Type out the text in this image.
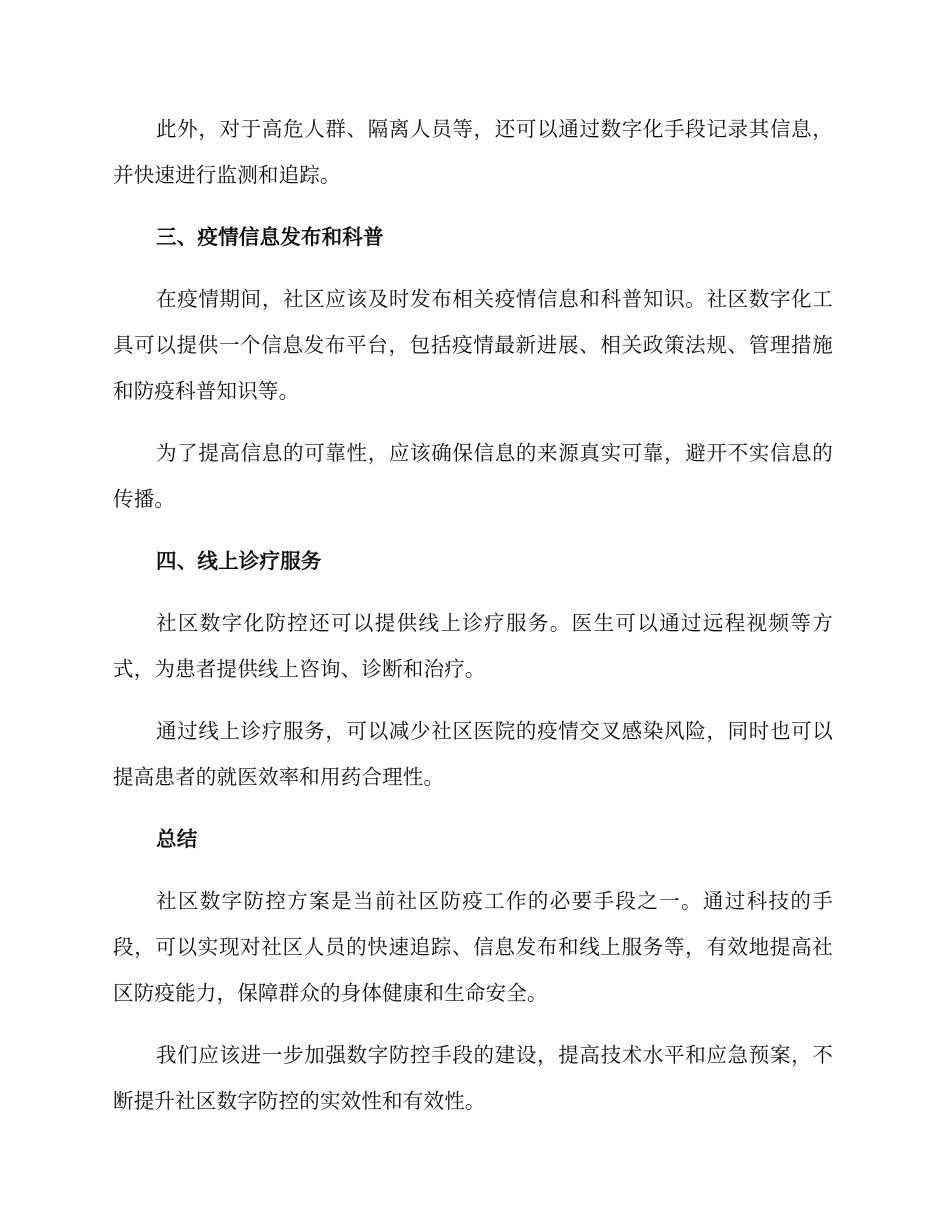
此外，对于高危人群、隔离人员等，还可以通过数字化手段记录其信息，并快速进行监测和追踪。

三、疫情信息发布和科普

在疫情期间，社区应该及时发布相关疫情信息和科普知识。社区数字化工具可以提供一个信息发布平台，包括疫情最新进展、相关政策法规、管理措施和防疫科普知识等。

为了提高信息的可靠性，应该确保信息的来源真实可靠，避开不实信息的传播。

四、线上诊疗服务

社区数字化防控还可以提供线上诊疗服务。医生可以通过远程视频等方式，为患者提供线上咨询、诊断和治疗。

通过线上诊疗服务，可以减少社区医院的疫情交叉感染风险，同时也可以提高患者的就医效率和用药合理性。

总结

社区数字防控方案是当前社区防疫工作的必要手段之一。通过科技的手段，可以实现对社区人员的快速追踪、信息发布和线上服务等，有效地提高社区防疫能力，保障群众的身体健康和生命安全。

我们应该进一步加强数字防控手段的建设，提高技术水平和应急预案，不断提升社区数字防控的实效性和有效性。
